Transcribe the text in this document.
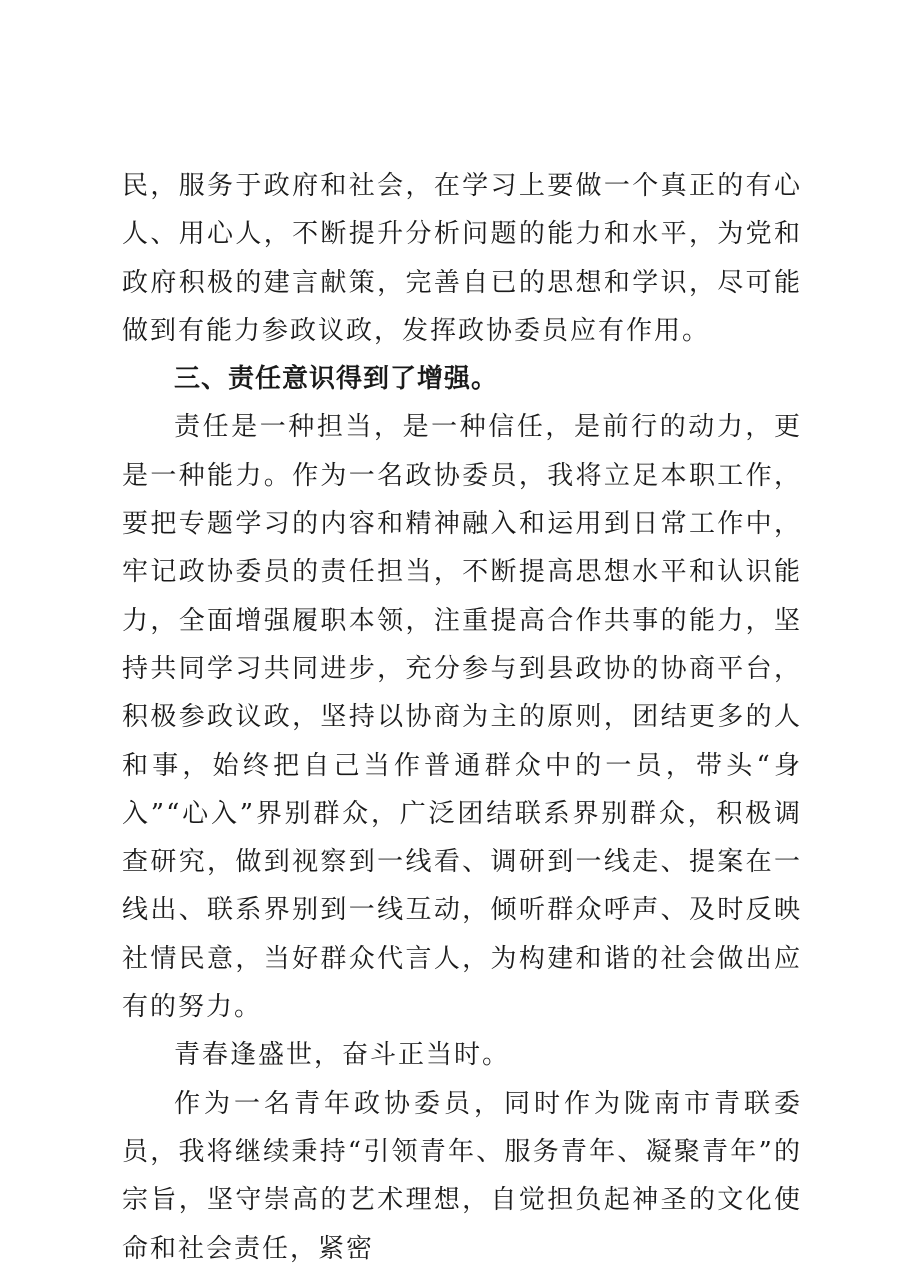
民，服务于政府和社会，在学习上要做一个真正的有心人、用心人，不断提升分析问题的能力和水平，为党和政府积极的建言献策，完善自已的思想和学识，尽可能做到有能力参政议政，发挥政协委员应有作用。

三、责任意识得到了增强。

责任是一种担当，是一种信任，是前行的动力，更是一种能力。作为一名政协委员，我将立足本职工作，要把专题学习的内容和精神融入和运用到日常工作中，牢记政协委员的责任担当，不断提高思想水平和认识能力，全面增强履职本领，注重提高合作共事的能力，坚持共同学习共同进步，充分参与到县政协的协商平台，积极参政议政，坚持以协商为主的原则，团结更多的人和事，始终把自己当作普通群众中的一员，带头“身入”“心入”界别群众，广泛团结联系界别群众，积极调查研究，做到视察到一线看、调研到一线走、提案在一线出、联系界别到一线互动，倾听群众呼声、及时反映社情民意，当好群众代言人，为构建和谐的社会做出应有的努力。

青春逢盛世，奋斗正当时。

作为一名青年政协委员，同时作为陇南市青联委员，我将继续秉持“引领青年、服务青年、凝聚青年”的宗旨，坚守崇高的艺术理想，自觉担负起神圣的文化使命和社会责任，紧密
